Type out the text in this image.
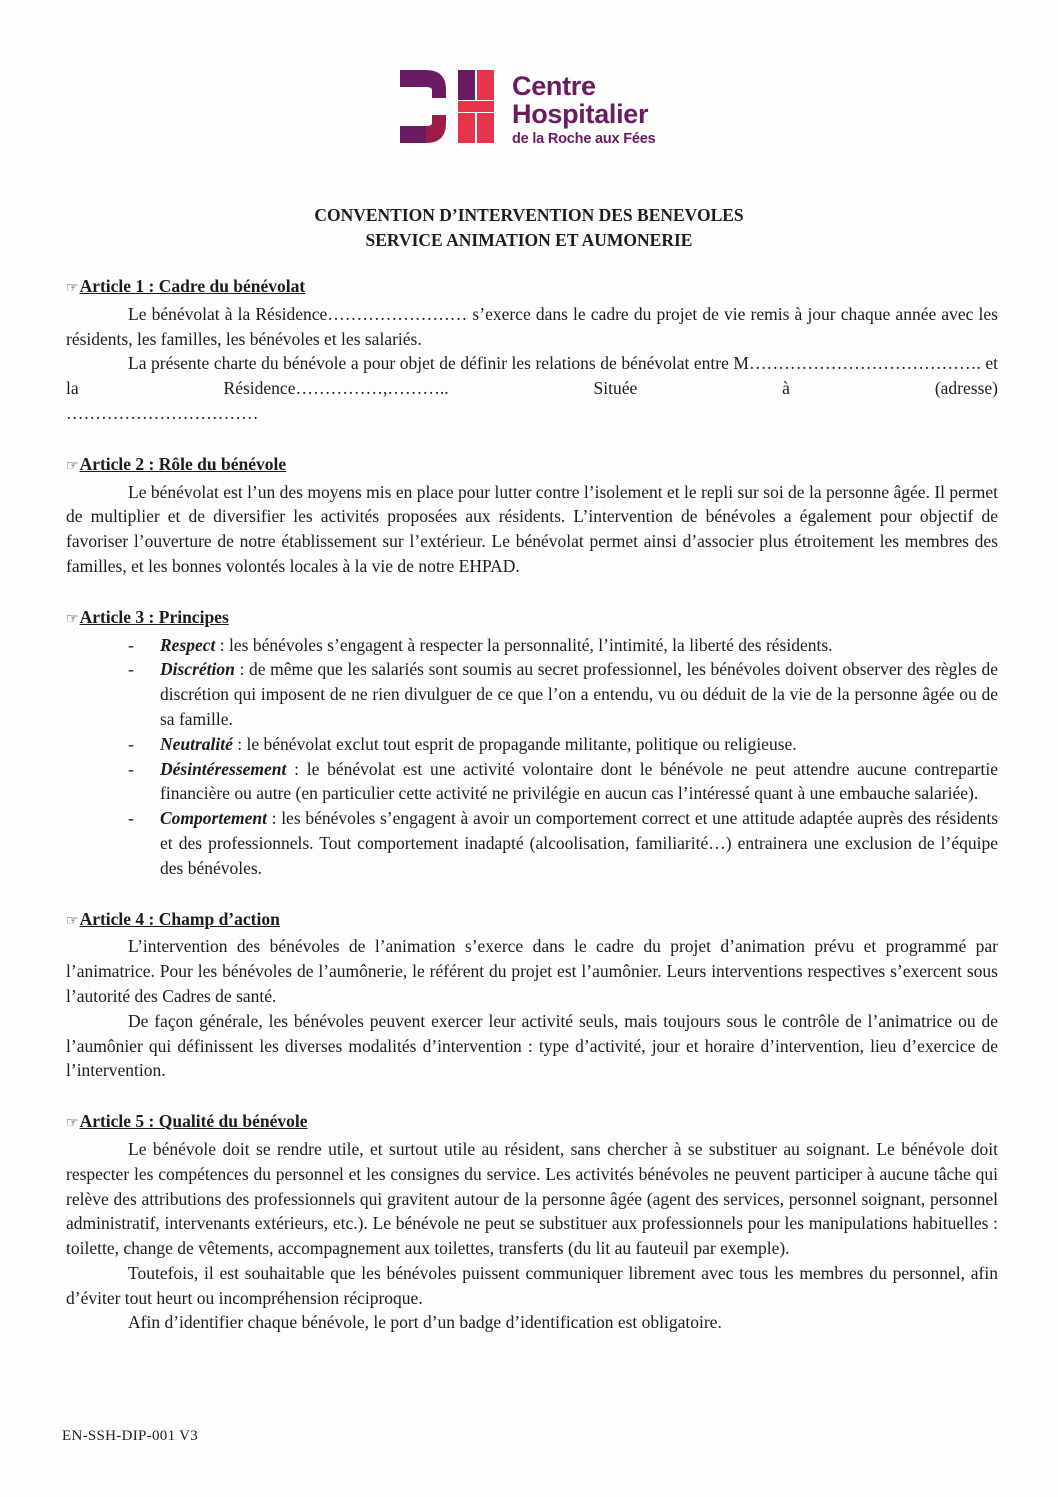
Centre
Hospitalier
de la Roche aux Fées
CONVENTION D’INTERVENTION DES BENEVOLES
SERVICE ANIMATION ET AUMONERIE

☞Article 1 : Cadre du bénévolat

Le bénévolat à la Résidence…………………… s’exerce dans le cadre du projet de vie remis à jour chaque année avec les résidents, les familles, les bénévoles et les salariés.

La présente charte du bénévole a pour objet de définir les relations de bénévolat entre M…………………………………. et la Résidence……………,……….. Située à (adresse)

……………………………

☞Article 2 : Rôle du bénévole

Le bénévolat est l’un des moyens mis en place pour lutter contre l’isolement et le repli sur soi de la personne âgée. Il permet de multiplier et de diversifier les activités proposées aux résidents. L’intervention de bénévoles a également pour objectif de favoriser l’ouverture de notre établissement sur l’extérieur. Le bénévolat permet ainsi d’associer plus étroitement les membres des familles, et les bonnes volontés locales à la vie de notre EHPAD.

☞Article 3 : Principes

- Respect : les bénévoles s’engagent à respecter la personnalité, l’intimité, la liberté des résidents.
- Discrétion : de même que les salariés sont soumis au secret professionnel, les bénévoles doivent observer des règles de discrétion qui imposent de ne rien divulguer de ce que l’on a entendu, vu ou déduit de la vie de la personne âgée ou de sa famille.
- Neutralité : le bénévolat exclut tout esprit de propagande militante, politique ou religieuse.
- Désintéressement : le bénévolat est une activité volontaire dont le bénévole ne peut attendre aucune contrepartie financière ou autre (en particulier cette activité ne privilégie en aucun cas l’intéressé quant à une embauche salariée).
- Comportement : les bénévoles s’engagent à avoir un comportement correct et une attitude adaptée auprès des résidents et des professionnels. Tout comportement inadapté (alcoolisation, familiarité…) entrainera une exclusion de l’équipe des bénévoles.

☞Article 4 : Champ d’action

L’intervention des bénévoles de l’animation s’exerce dans le cadre du projet d’animation prévu et programmé par l’animatrice. Pour les bénévoles de l’aumônerie, le référent du projet est l’aumônier. Leurs interventions respectives s’exercent sous l’autorité des Cadres de santé.

De façon générale, les bénévoles peuvent exercer leur activité seuls, mais toujours sous le contrôle de l’animatrice ou de l’aumônier qui définissent les diverses modalités d’intervention : type d’activité, jour et horaire d’intervention, lieu d’exercice de l’intervention.

☞Article 5 : Qualité du bénévole

Le bénévole doit se rendre utile, et surtout utile au résident, sans chercher à se substituer au soignant. Le bénévole doit respecter les compétences du personnel et les consignes du service. Les activités bénévoles ne peuvent participer à aucune tâche qui relève des attributions des professionnels qui gravitent autour de la personne âgée (agent des services, personnel soignant, personnel administratif, intervenants extérieurs, etc.). Le bénévole ne peut se substituer aux professionnels pour les manipulations habituelles : toilette, change de vêtements, accompagnement aux toilettes, transferts (du lit au fauteuil par exemple).

Toutefois, il est souhaitable que les bénévoles puissent communiquer librement avec tous les membres du personnel, afin d’éviter tout heurt ou incompréhension réciproque.

Afin d’identifier chaque bénévole, le port d’un badge d’identification est obligatoire.

EN-SSH-DIP-001 V3
